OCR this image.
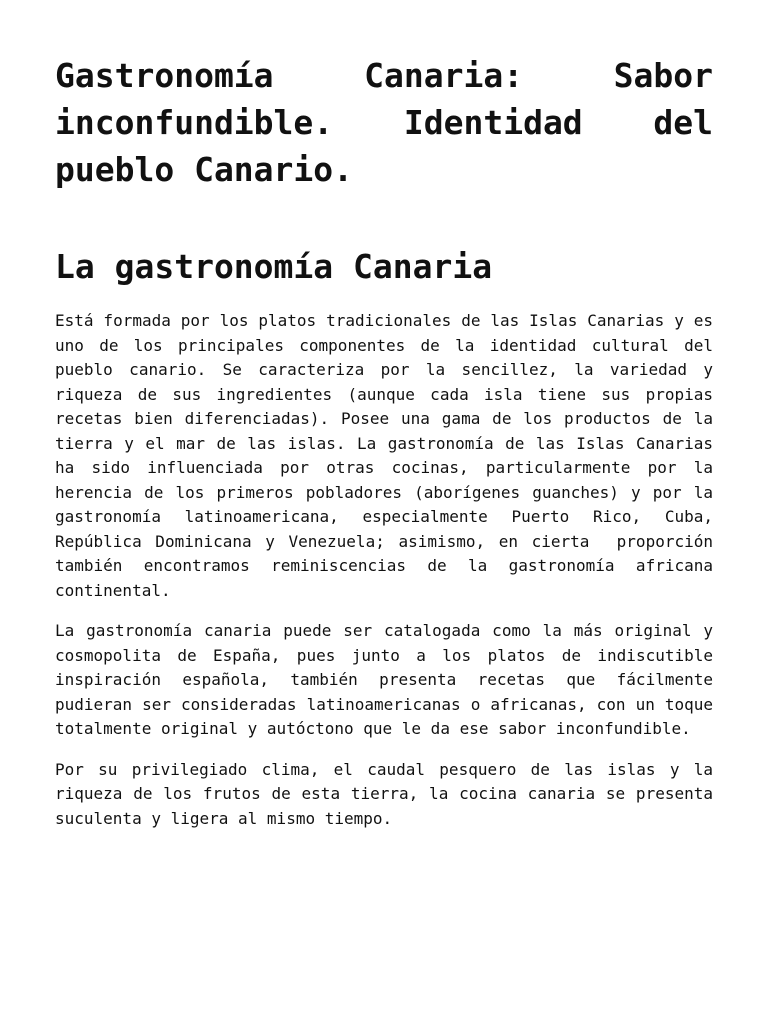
Gastronomía Canaria: Sabor inconfundible. Identidad del pueblo Canario.
La gastronomía Canaria

Está formada por los platos tradicionales de las Islas Canarias y es uno de los principales componentes de la identidad cultural del pueblo canario. Se caracteriza por la sencillez, la variedad y riqueza de sus ingredientes (aunque cada isla tiene sus propias recetas bien diferenciadas). Posee una gama de los productos de la tierra y el mar de las islas. La gastronomía de las Islas Canarias ha sido influenciada por otras cocinas, particularmente por la herencia de los primeros pobladores (aborígenes guanches) y por la gastronomía latinoamericana, especialmente Puerto Rico, Cuba, República Dominicana y Venezuela; asimismo, en cierta  proporción también encontramos reminiscencias de la gastronomía africana continental.

La gastronomía canaria puede ser catalogada como la más original y cosmopolita de España, pues junto a los platos de indiscutible inspiración española, también presenta recetas que fácilmente  pudieran ser consideradas latinoamericanas o africanas, con un toque totalmente original y autóctono que le da ese sabor inconfundible.

Por su privilegiado clima, el caudal pesquero de las islas y la riqueza de los frutos de esta tierra, la cocina canaria se presenta suculenta y ligera al mismo tiempo.
